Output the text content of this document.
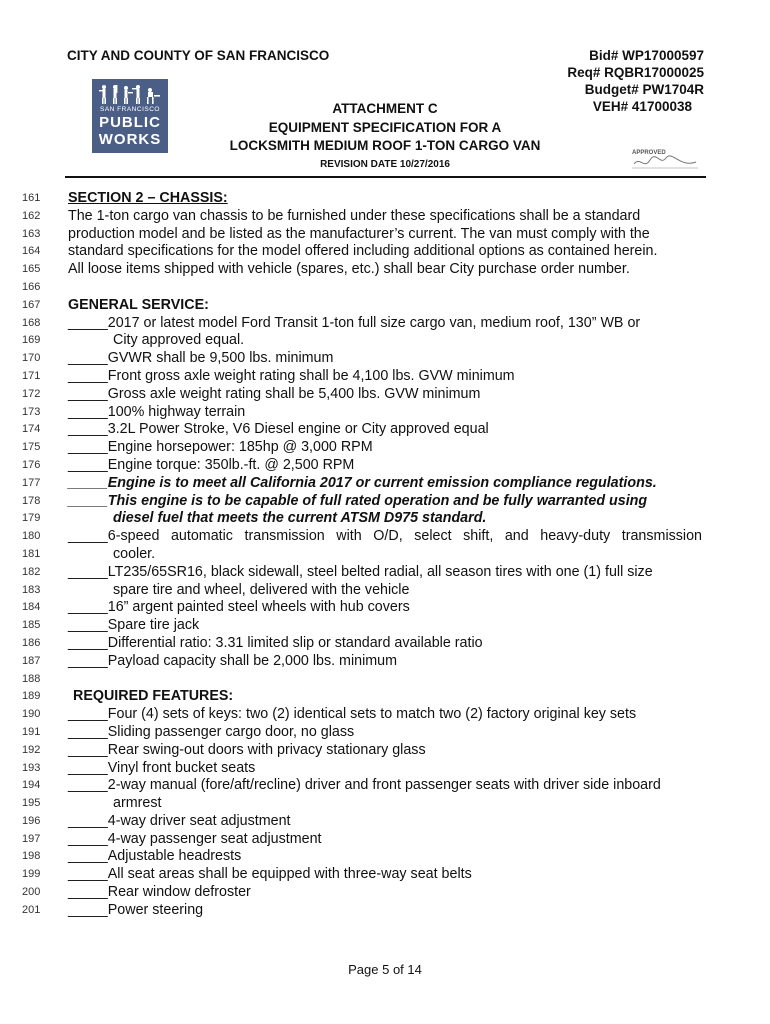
CITY AND COUNTY OF SAN FRANCISCO	Bid# WP17000597
Req# RQBR17000025
Budget# PW1704R
VEH# 41700038
SAN FRANCISCO
PUBLIC
WORKS
ATTACHMENT C
EQUIPMENT SPECIFICATION FOR A
LOCKSMITH MEDIUM ROOF 1-TON CARGO VAN
REVISION DATE 10/27/2016
APPROVED
161	SECTION 2 – CHASSIS:
162	The 1-ton cargo van chassis to be furnished under these specifications shall be a standard
163	production model and be listed as the manufacturer’s current. The van must comply with the
164	standard specifications for the model offered including additional options as contained herein.
165	All loose items shipped with vehicle (spares, etc.) shall bear City purchase order number.
166
167	GENERAL SERVICE:
168	_____2017 or latest model Ford Transit 1-ton full size cargo van, medium roof, 130” WB or
169	City approved equal.
170	_____GVWR shall be 9,500 lbs. minimum
171	_____Front gross axle weight rating shall be 4,100 lbs. GVW minimum
172	_____Gross axle weight rating shall be 5,400 lbs. GVW minimum
173	_____100% highway terrain
174	_____3.2L Power Stroke, V6 Diesel engine or City approved equal
175	_____Engine horsepower: 185hp @ 3,000 RPM
176	_____Engine torque: 350lb.-ft. @ 2,500 RPM
177	_____Engine is to meet all California 2017 or current emission compliance regulations.
178	_____This engine is to be capable of full rated operation and be fully warranted using
179	diesel fuel that meets the current ATSM D975 standard.
180	_____6-speed automatic transmission with O/D, select shift, and heavy-duty transmission
181	cooler.
182	_____LT235/65SR16, black sidewall, steel belted radial, all season tires with one (1) full size
183	spare tire and wheel, delivered with the vehicle
184	_____16” argent painted steel wheels with hub covers
185	_____Spare tire jack
186	_____Differential ratio: 3.31 limited slip or standard available ratio
187	_____Payload capacity shall be 2,000 lbs. minimum
188
189	REQUIRED FEATURES:
190	_____Four (4) sets of keys: two (2) identical sets to match two (2) factory original key sets
191	_____Sliding passenger cargo door, no glass
192	_____Rear swing-out doors with privacy stationary glass
193	_____Vinyl front bucket seats
194	_____2-way manual (fore/aft/recline) driver and front passenger seats with driver side inboard
195	armrest
196	_____4-way driver seat adjustment
197	_____4-way passenger seat adjustment
198	_____Adjustable headrests
199	_____All seat areas shall be equipped with three-way seat belts
200	_____Rear window defroster
201	_____Power steering
Page 5 of 14
